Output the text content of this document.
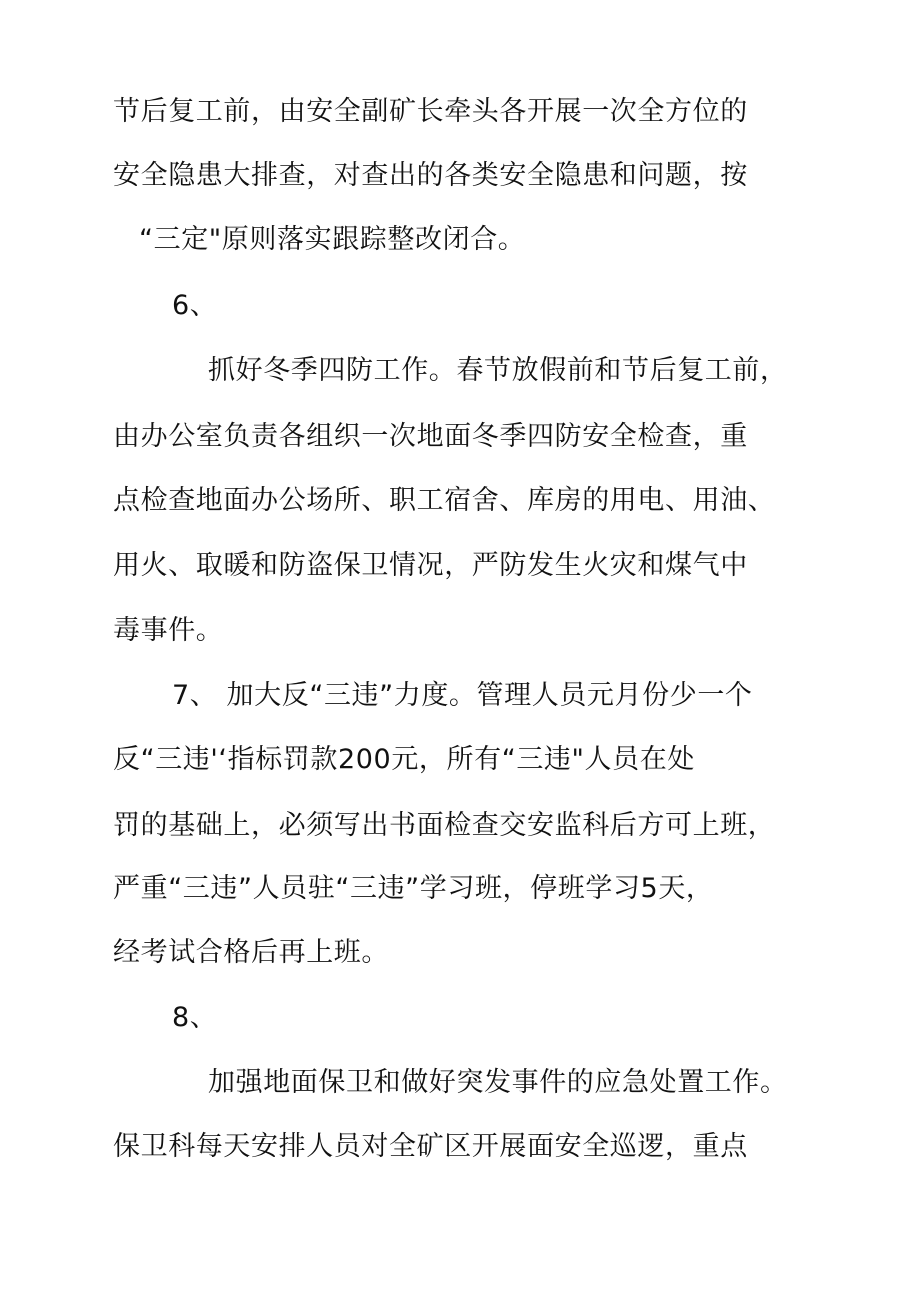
节后复工前，由安全副矿长牵头各开展一次全方位的
安全隐患大排查，对查出的各类安全隐患和问题，按
“三定"原则落实跟踪整改闭合。
6、
抓好冬季四防工作。春节放假前和节后复工前，
由办公室负责各组织一次地面冬季四防安全检查，重
点检查地面办公场所、职工宿舍、库房的用电、用油、
用火、取暖和防盗保卫情况，严防发生火灾和煤气中
毒事件。
7、 加大反“三违”力度。管理人员元月份少一个
反“三违'‘指标罚款200元，所有“三违"人员在处
罚的基础上，必须写出书面检查交安监科后方可上班，
严重“三违”人员驻“三违”学习班，停班学习5天，
经考试合格后再上班。
8、
加强地面保卫和做好突发事件的应急处置工作。
保卫科每天安排人员对全矿区开展面安全巡逻，重点
